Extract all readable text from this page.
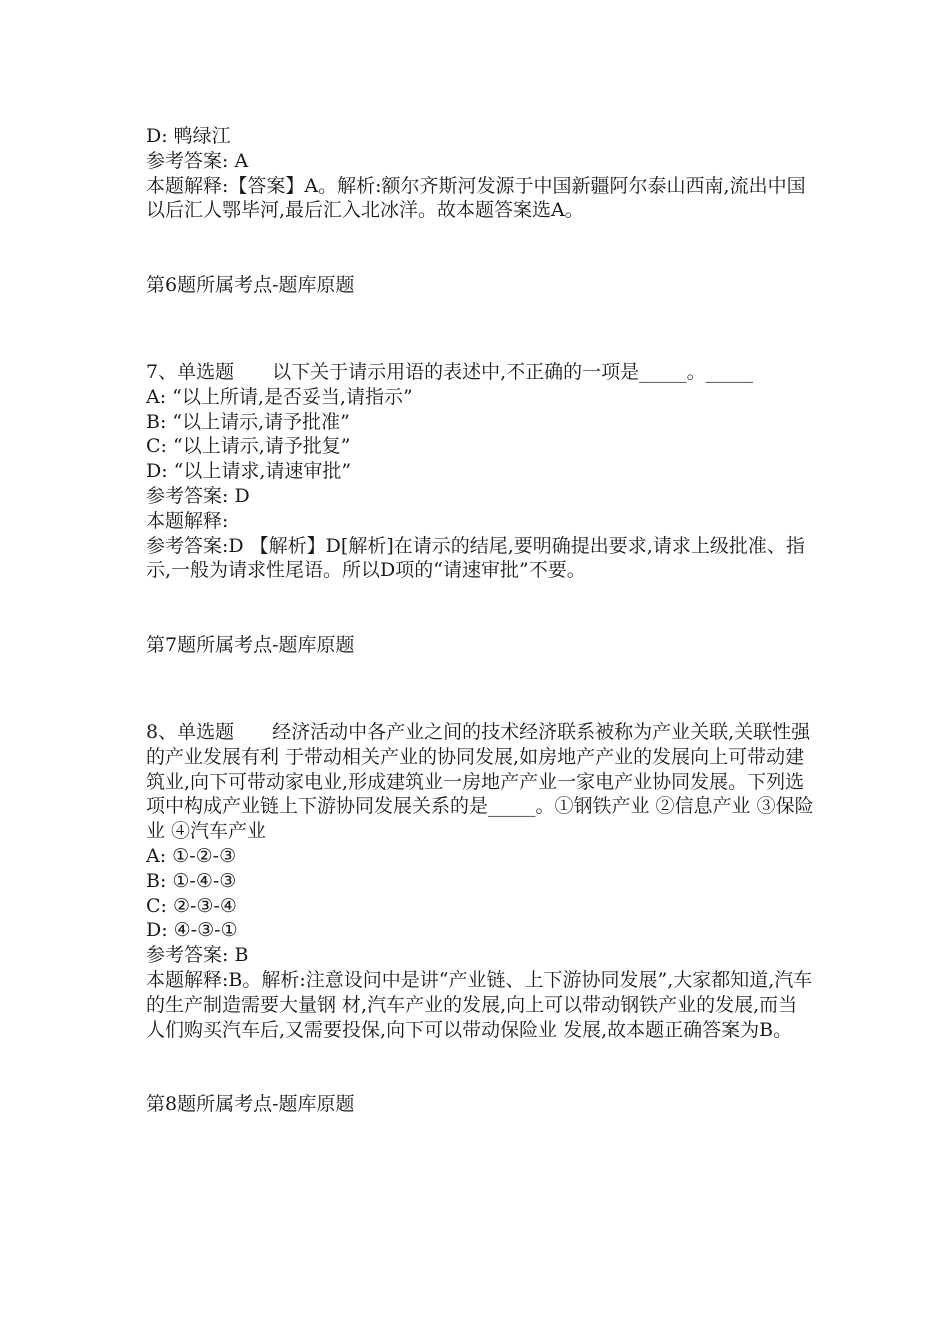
D: 鸭绿江

参考答案: A

本题解释:【答案】A。解析:额尔齐斯河发源于中国新疆阿尔泰山西南,流出中国以后汇人鄂毕河,最后汇入北冰洋。故本题答案选A。

第6题所属考点-题库原题

7、单选题　　以下关于请示用语的表述中,不正确的一项是_____。_____

A: “以上所请,是否妥当,请指示”

B: “以上请示,请予批准”

C: “以上请示,请予批复”

D: “以上请求,请速审批”

参考答案: D

本题解释:

参考答案:D 【解析】D[解析]在请示的结尾,要明确提出要求,请求上级批准、指示,一般为请求性尾语。所以D项的“请速审批”不要。

第7题所属考点-题库原题

8、单选题　　经济活动中各产业之间的技术经济联系被称为产业关联,关联性强的产业发展有利 于带动相关产业的协同发展,如房地产产业的发展向上可带动建筑业,向下可带动家电业,形成建筑业一房地产产业一家电产业协同发展。下列选项中构成产业链上下游协同发展关系的是_____。①钢铁产业 ②信息产业 ③保险业 ④汽车产业

A: ①-②-③

B: ①-④-③

C: ②-③-④

D: ④-③-①

参考答案: B

本题解释:B。解析:注意设问中是讲“产业链、上下游协同发展”,大家都知道,汽车的生产制造需要大量钢 材,汽车产业的发展,向上可以带动钢铁产业的发展,而当人们购买汽车后,又需要投保,向下可以带动保险业 发展,故本题正确答案为B。

第8题所属考点-题库原题
